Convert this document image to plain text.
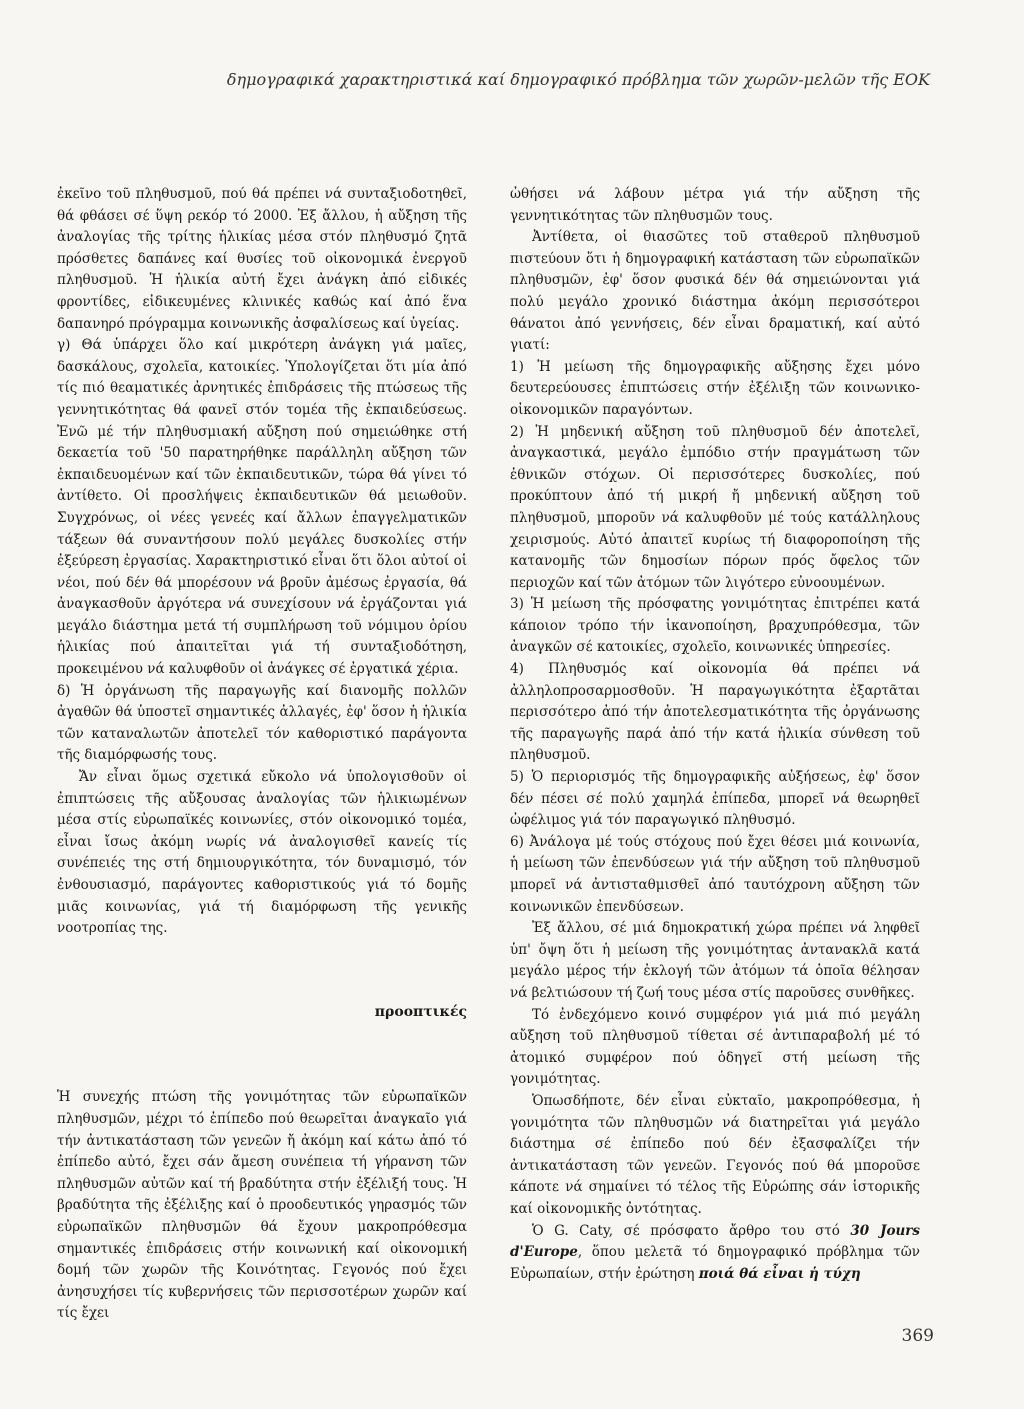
δημογραφικά χαρακτηριστικά καί δημογραφικό πρόβλημα τῶν χωρῶν-μελῶν τῆς ΕΟΚ

ἐκεῖνο τοῦ πληθυσμοῦ, πού θά πρέπει νά συνταξιοδοτηθεῖ, θά φθάσει σέ ὕψη ρεκόρ τό 2000. Ἐξ ἄλλου, ἡ αὔξηση τῆς ἀναλογίας τῆς τρίτης ἡλικίας μέσα στόν πληθυσμό ζητᾶ πρόσθετες δαπάνες καί θυσίες τοῦ οἰκονομικά ἐνεργοῦ πληθυσμοῦ. Ἡ ἡλικία αὐτή ἔχει ἀνάγκη ἀπό εἰδικές φροντίδες, εἰδικευμένες κλινικές καθώς καί ἀπό ἕνα δαπανηρό πρόγραμμα κοινωνικῆς ἀσφαλίσεως καί ὑγείας.

γ) Θά ὑπάρχει ὅλο καί μικρότερη ἀνάγκη γιά μαῖες, δασκάλους, σχολεῖα, κατοικίες. Ὑπολογίζεται ὅτι μία ἀπό τίς πιό θεαματικές ἀρνητικές ἐπιδράσεις τῆς πτώσεως τῆς γεννητικότητας θά φανεῖ στόν τομέα τῆς ἐκπαιδεύσεως. Ἐνῶ μέ τήν πληθυσμιακή αὔξηση πού σημειώθηκε στή δεκαετία τοῦ '50 παρατηρήθηκε παράλληλη αὔξηση τῶν ἐκπαιδευομένων καί τῶν ἐκπαιδευτικῶν, τώρα θά γίνει τό ἀντίθετο. Οἱ προσλήψεις ἐκπαιδευτικῶν θά μειωθοῦν. Συγχρόνως, οἱ νέες γενεές καί ἄλλων ἐπαγγελματικῶν τάξεων θά συναντήσουν πολύ μεγάλες δυσκολίες στήν ἐξεύρεση ἐργασίας. Χαρακτηριστικό εἶναι ὅτι ὅλοι αὐτοί οἱ νέοι, πού δέν θά μπορέσουν νά βροῦν ἀμέσως ἐργασία, θά ἀναγκασθοῦν ἀργότερα νά συνεχίσουν νά ἐργάζονται γιά μεγάλο διάστημα μετά τή συμπλήρωση τοῦ νόμιμου ὁρίου ἡλικίας πού ἀπαιτεῖται γιά τή συνταξιοδότηση, προκειμένου νά καλυφθοῦν οἱ ἀνάγκες σέ ἐργατικά χέρια.

δ) Ἡ ὀργάνωση τῆς παραγωγῆς καί διανομῆς πολλῶν ἀγαθῶν θά ὑποστεῖ σημαντικές ἀλλαγές, ἐφ' ὅσον ἡ ἡλικία τῶν καταναλωτῶν ἀποτελεῖ τόν καθοριστικό παράγοντα τῆς διαμόρφωσής τους.

Ἄν εἶναι ὅμως σχετικά εὔκολο νά ὑπολογισθοῦν οἱ ἐπιπτώσεις τῆς αὔξουσας ἀναλογίας τῶν ἡλικιωμένων μέσα στίς εὐρωπαϊκές κοινωνίες, στόν οἰκονομικό τομέα, εἶναι ἴσως ἀκόμη νωρίς νά ἀναλογισθεῖ κανείς τίς συνέπειές της στή δημιουργικότητα, τόν δυναμισμό, τόν ἐνθουσιασμό, παράγοντες καθοριστικούς γιά τό δομῆς μιᾶς κοινωνίας, γιά τή διαμόρφωση τῆς γενικῆς νοοτροπίας της.

προοπτικές

Ἡ συνεχής πτώση τῆς γονιμότητας τῶν εὐρωπαϊκῶν πληθυσμῶν, μέχρι τό ἐπίπεδο πού θεωρεῖται ἀναγκαῖο γιά τήν ἀντικατάσταση τῶν γενεῶν ἤ ἀκόμη καί κάτω ἀπό τό ἐπίπεδο αὐτό, ἔχει σάν ἄμεση συνέπεια τή γήρανση τῶν πληθυσμῶν αὐτῶν καί τή βραδύτητα στήν ἐξέλιξή τους. Ἡ βραδύτητα τῆς ἐξέλιξης καί ὁ προοδευτικός γηρασμός τῶν εὐρωπαϊκῶν πληθυσμῶν θά ἔχουν μακροπρόθεσμα σημαντικές ἐπιδράσεις στήν κοινωνική καί οἰκονομική δομή τῶν χωρῶν τῆς Κοινότητας. Γεγονός πού ἔχει ἀνησυχήσει τίς κυβερνήσεις τῶν περισσοτέρων χωρῶν καί τίς ἔχει

ὠθήσει νά λάβουν μέτρα γιά τήν αὔξηση τῆς γεννητικότητας τῶν πληθυσμῶν τους.

Ἀντίθετα, οἱ θιασῶτες τοῦ σταθεροῦ πληθυσμοῦ πιστεύουν ὅτι ἡ δημογραφική κατάσταση τῶν εὐρωπαϊκῶν πληθυσμῶν, ἐφ' ὅσον φυσικά δέν θά σημειώνονται γιά πολύ μεγάλο χρονικό διάστημα ἀκόμη περισσότεροι θάνατοι ἀπό γεννήσεις, δέν εἶναι δραματική, καί αὐτό γιατί:

1) Ἡ μείωση τῆς δημογραφικῆς αὔξησης ἔχει μόνο δευτερεύουσες ἐπιπτώσεις στήν ἐξέλιξη τῶν κοινωνικο-οἰκονομικῶν παραγόντων.

2) Ἡ μηδενική αὔξηση τοῦ πληθυσμοῦ δέν ἀποτελεῖ, ἀναγκαστικά, μεγάλο ἐμπόδιο στήν πραγμάτωση τῶν ἐθνικῶν στόχων. Οἱ περισσότερες δυσκολίες, πού προκύπτουν ἀπό τή μικρή ἤ μηδενική αὔξηση τοῦ πληθυσμοῦ, μποροῦν νά καλυφθοῦν μέ τούς κατάλληλους χειρισμούς. Αὐτό ἀπαιτεῖ κυρίως τή διαφοροποίηση τῆς κατανομῆς τῶν δημοσίων πόρων πρός ὄφελος τῶν περιοχῶν καί τῶν ἀτόμων τῶν λιγότερο εὐνοουμένων.

3) Ἡ μείωση τῆς πρόσφατης γονιμότητας ἐπιτρέπει κατά κάποιον τρόπο τήν ἱκανοποίηση, βραχυπρόθεσμα, τῶν ἀναγκῶν σέ κατοικίες, σχολεῖο, κοινωνικές ὑπηρεσίες.

4) Πληθυσμός καί οἰκονομία θά πρέπει νά ἀλληλοπροσαρμοσθοῦν. Ἡ παραγωγικότητα ἐξαρτᾶται περισσότερο ἀπό τήν ἀποτελεσματικότητα τῆς ὀργάνωσης τῆς παραγωγῆς παρά ἀπό τήν κατά ἡλικία σύνθεση τοῦ πληθυσμοῦ.

5) Ὁ περιορισμός τῆς δημογραφικῆς αὐξήσεως, ἐφ' ὅσον δέν πέσει σέ πολύ χαμηλά ἐπίπεδα, μπορεῖ νά θεωρηθεῖ ὠφέλιμος γιά τόν παραγωγικό πληθυσμό.

6) Ἀνάλογα μέ τούς στόχους πού ἔχει θέσει μιά κοινωνία, ἡ μείωση τῶν ἐπενδύσεων γιά τήν αὔξηση τοῦ πληθυσμοῦ μπορεῖ νά ἀντισταθμισθεῖ ἀπό ταυτόχρονη αὔξηση τῶν κοινωνικῶν ἐπενδύσεων.

Ἐξ ἄλλου, σέ μιά δημοκρατική χώρα πρέπει νά ληφθεῖ ὑπ' ὄψη ὅτι ἡ μείωση τῆς γονιμότητας ἀντανακλᾶ κατά μεγάλο μέρος τήν ἐκλογή τῶν ἀτόμων τά ὁποῖα θέλησαν νά βελτιώσουν τή ζωή τους μέσα στίς παροῦσες συνθῆκες.

Τό ἐνδεχόμενο κοινό συμφέρον γιά μιά πιό μεγάλη αὔξηση τοῦ πληθυσμοῦ τίθεται σέ ἀντιπαραβολή μέ τό ἀτομικό συμφέρον πού ὁδηγεῖ στή μείωση τῆς γονιμότητας.

Ὁπωσδήποτε, δέν εἶναι εὐκταῖο, μακροπρόθεσμα, ἡ γονιμότητα τῶν πληθυσμῶν νά διατηρεῖται γιά μεγάλο διάστημα σέ ἐπίπεδο πού δέν ἐξασφαλίζει τήν ἀντικατάσταση τῶν γενεῶν. Γεγονός πού θά μποροῦσε κάποτε νά σημαίνει τό τέλος τῆς Εὐρώπης σάν ἱστορικῆς καί οἰκονομικῆς ὀντότητας.

Ὁ G. Caty, σέ πρόσφατο ἄρθρο του στό 30 Jours d'Europe, ὅπου μελετᾶ τό δημογραφικό πρόβλημα τῶν Εὐρωπαίων, στήν ἐρώτηση ποιά θά εἶναι ἡ τύχη

369
